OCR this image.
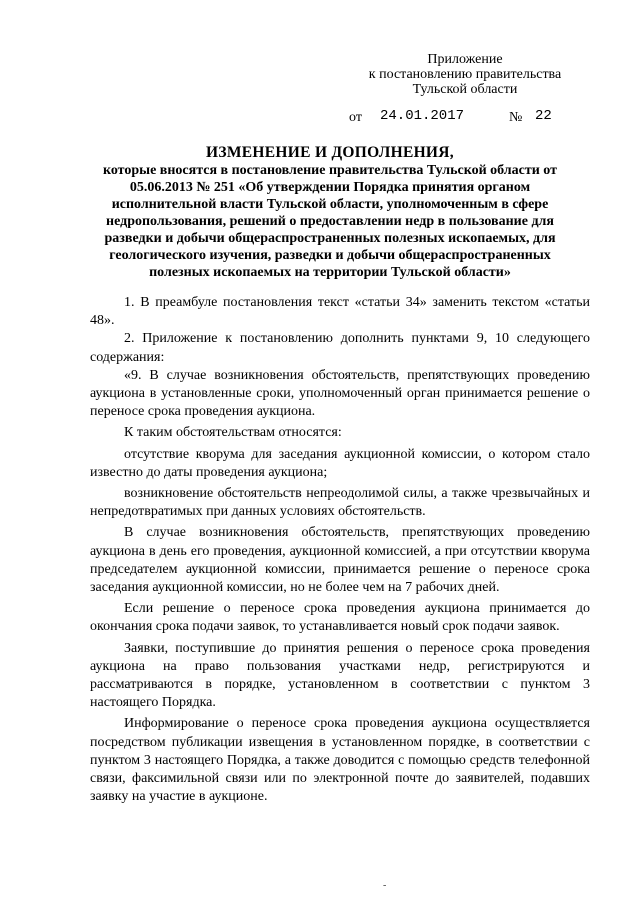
Приложение
к постановлению правительства
Тульской области
от 24.01.2017	№ 22
ИЗМЕНЕНИЕ И ДОПОЛНЕНИЯ,
которые вносятся в постановление правительства Тульской области от 05.06.2013 № 251 «Об утверждении Порядка принятия органом исполнительной власти Тульской области, уполномоченным в сфере недропользования, решений о предоставлении недр в пользование для разведки и добычи общераспространенных полезных ископаемых, для геологического изучения, разведки и добычи общераспространенных полезных ископаемых на территории Тульской области»

1. В преамбуле постановления текст «статьи 34» заменить текстом «статьи 48».

2. Приложение к постановлению дополнить пунктами 9, 10 следующего содержания:

«9. В случае возникновения обстоятельств, препятствующих проведению аукциона в установленные сроки, уполномоченный орган принимается решение о переносе срока проведения аукциона.

К таким обстоятельствам относятся:

отсутствие кворума для заседания аукционной комиссии, о котором стало известно до даты проведения аукциона;

возникновение обстоятельств непреодолимой силы, а также чрезвычайных и непредотвратимых при данных условиях обстоятельств.

В случае возникновения обстоятельств, препятствующих проведению аукциона в день его проведения, аукционной комиссией, а при отсутствии кворума председателем аукционной комиссии, принимается решение о переносе срока заседания аукционной комиссии, но не более чем на 7 рабочих дней.

Если решение о переносе срока проведения аукциона принимается до окончания срока подачи заявок, то устанавливается новый срок подачи заявок.

Заявки, поступившие до принятия решения о переносе срока проведения аукциона на право пользования участками недр, регистрируются и рассматриваются в порядке, установленном в соответствии с пунктом 3 настоящего Порядка.

Информирование о переносе срока проведения аукциона осуществляется посредством публикации извещения в установленном порядке, в соответствии с пунктом 3 настоящего Порядка, а также доводится с помощью средств телефонной связи, факсимильной связи или по электронной почте до заявителей, подавших заявку на участие в аукционе.

-
